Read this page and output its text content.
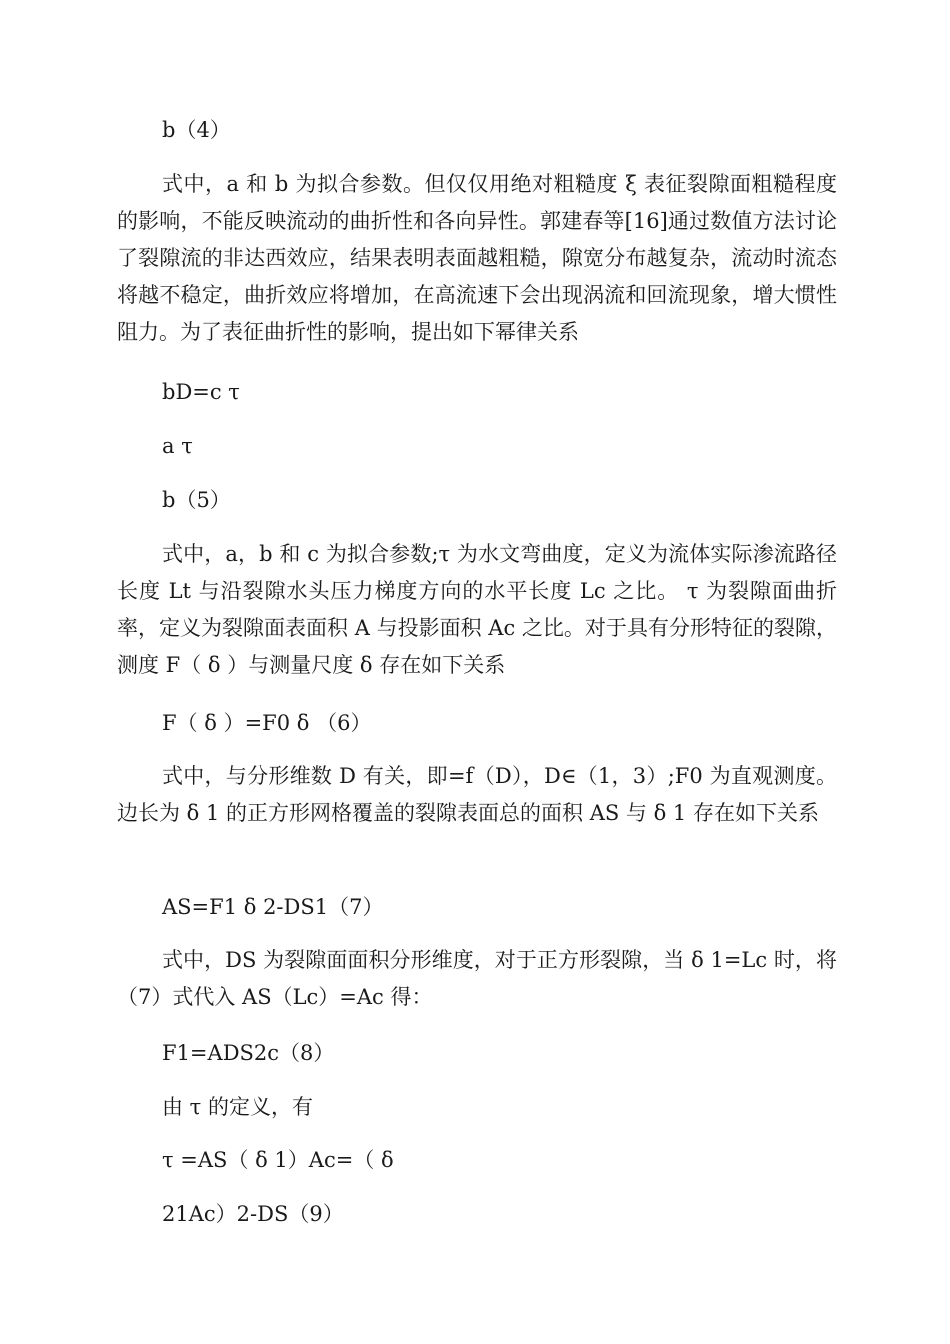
b（4）

式中，a 和 b 为拟合参数。但仅仅用绝对粗糙度 ξ 表征裂隙面粗糙程度的影响，不能反映流动的曲折性和各向异性。郭建春等[16]通过数值方法讨论了裂隙流的非达西效应，结果表明表面越粗糙，隙宽分布越复杂，流动时流态将越不稳定，曲折效应将增加，在高流速下会出现涡流和回流现象，增大惯性阻力。为了表征曲折性的影响，提出如下幂律关系

bD=c τ
a τ
b（5）

式中，a，b 和 c 为拟合参数;τ 为水文弯曲度，定义为流体实际渗流路径长度 Lt 与沿裂隙水头压力梯度方向的水平长度 Lc 之比。 τ 为裂隙面曲折率，定义为裂隙面表面积 A 与投影面积 Ac 之比。对于具有分形特征的裂隙，测度 F（ δ ）与测量尺度 δ 存在如下关系

F（ δ ）=F0 δ （6）

式中，与分形维数 D 有关，即=f（D），D∈（1，3）;F0 为直观测度。边长为 δ 1 的正方形网格覆盖的裂隙表面总的面积 AS 与 δ 1 存在如下关系

AS=F1 δ 2-DS1（7）

式中，DS 为裂隙面面积分形维度，对于正方形裂隙，当 δ 1=Lc 时，将（7）式代入 AS（Lc）=Ac 得：

F1=ADS2c（8）
由 τ 的定义，有
τ =AS（ δ 1）Ac=（ δ
21Ac）2-DS（9）
